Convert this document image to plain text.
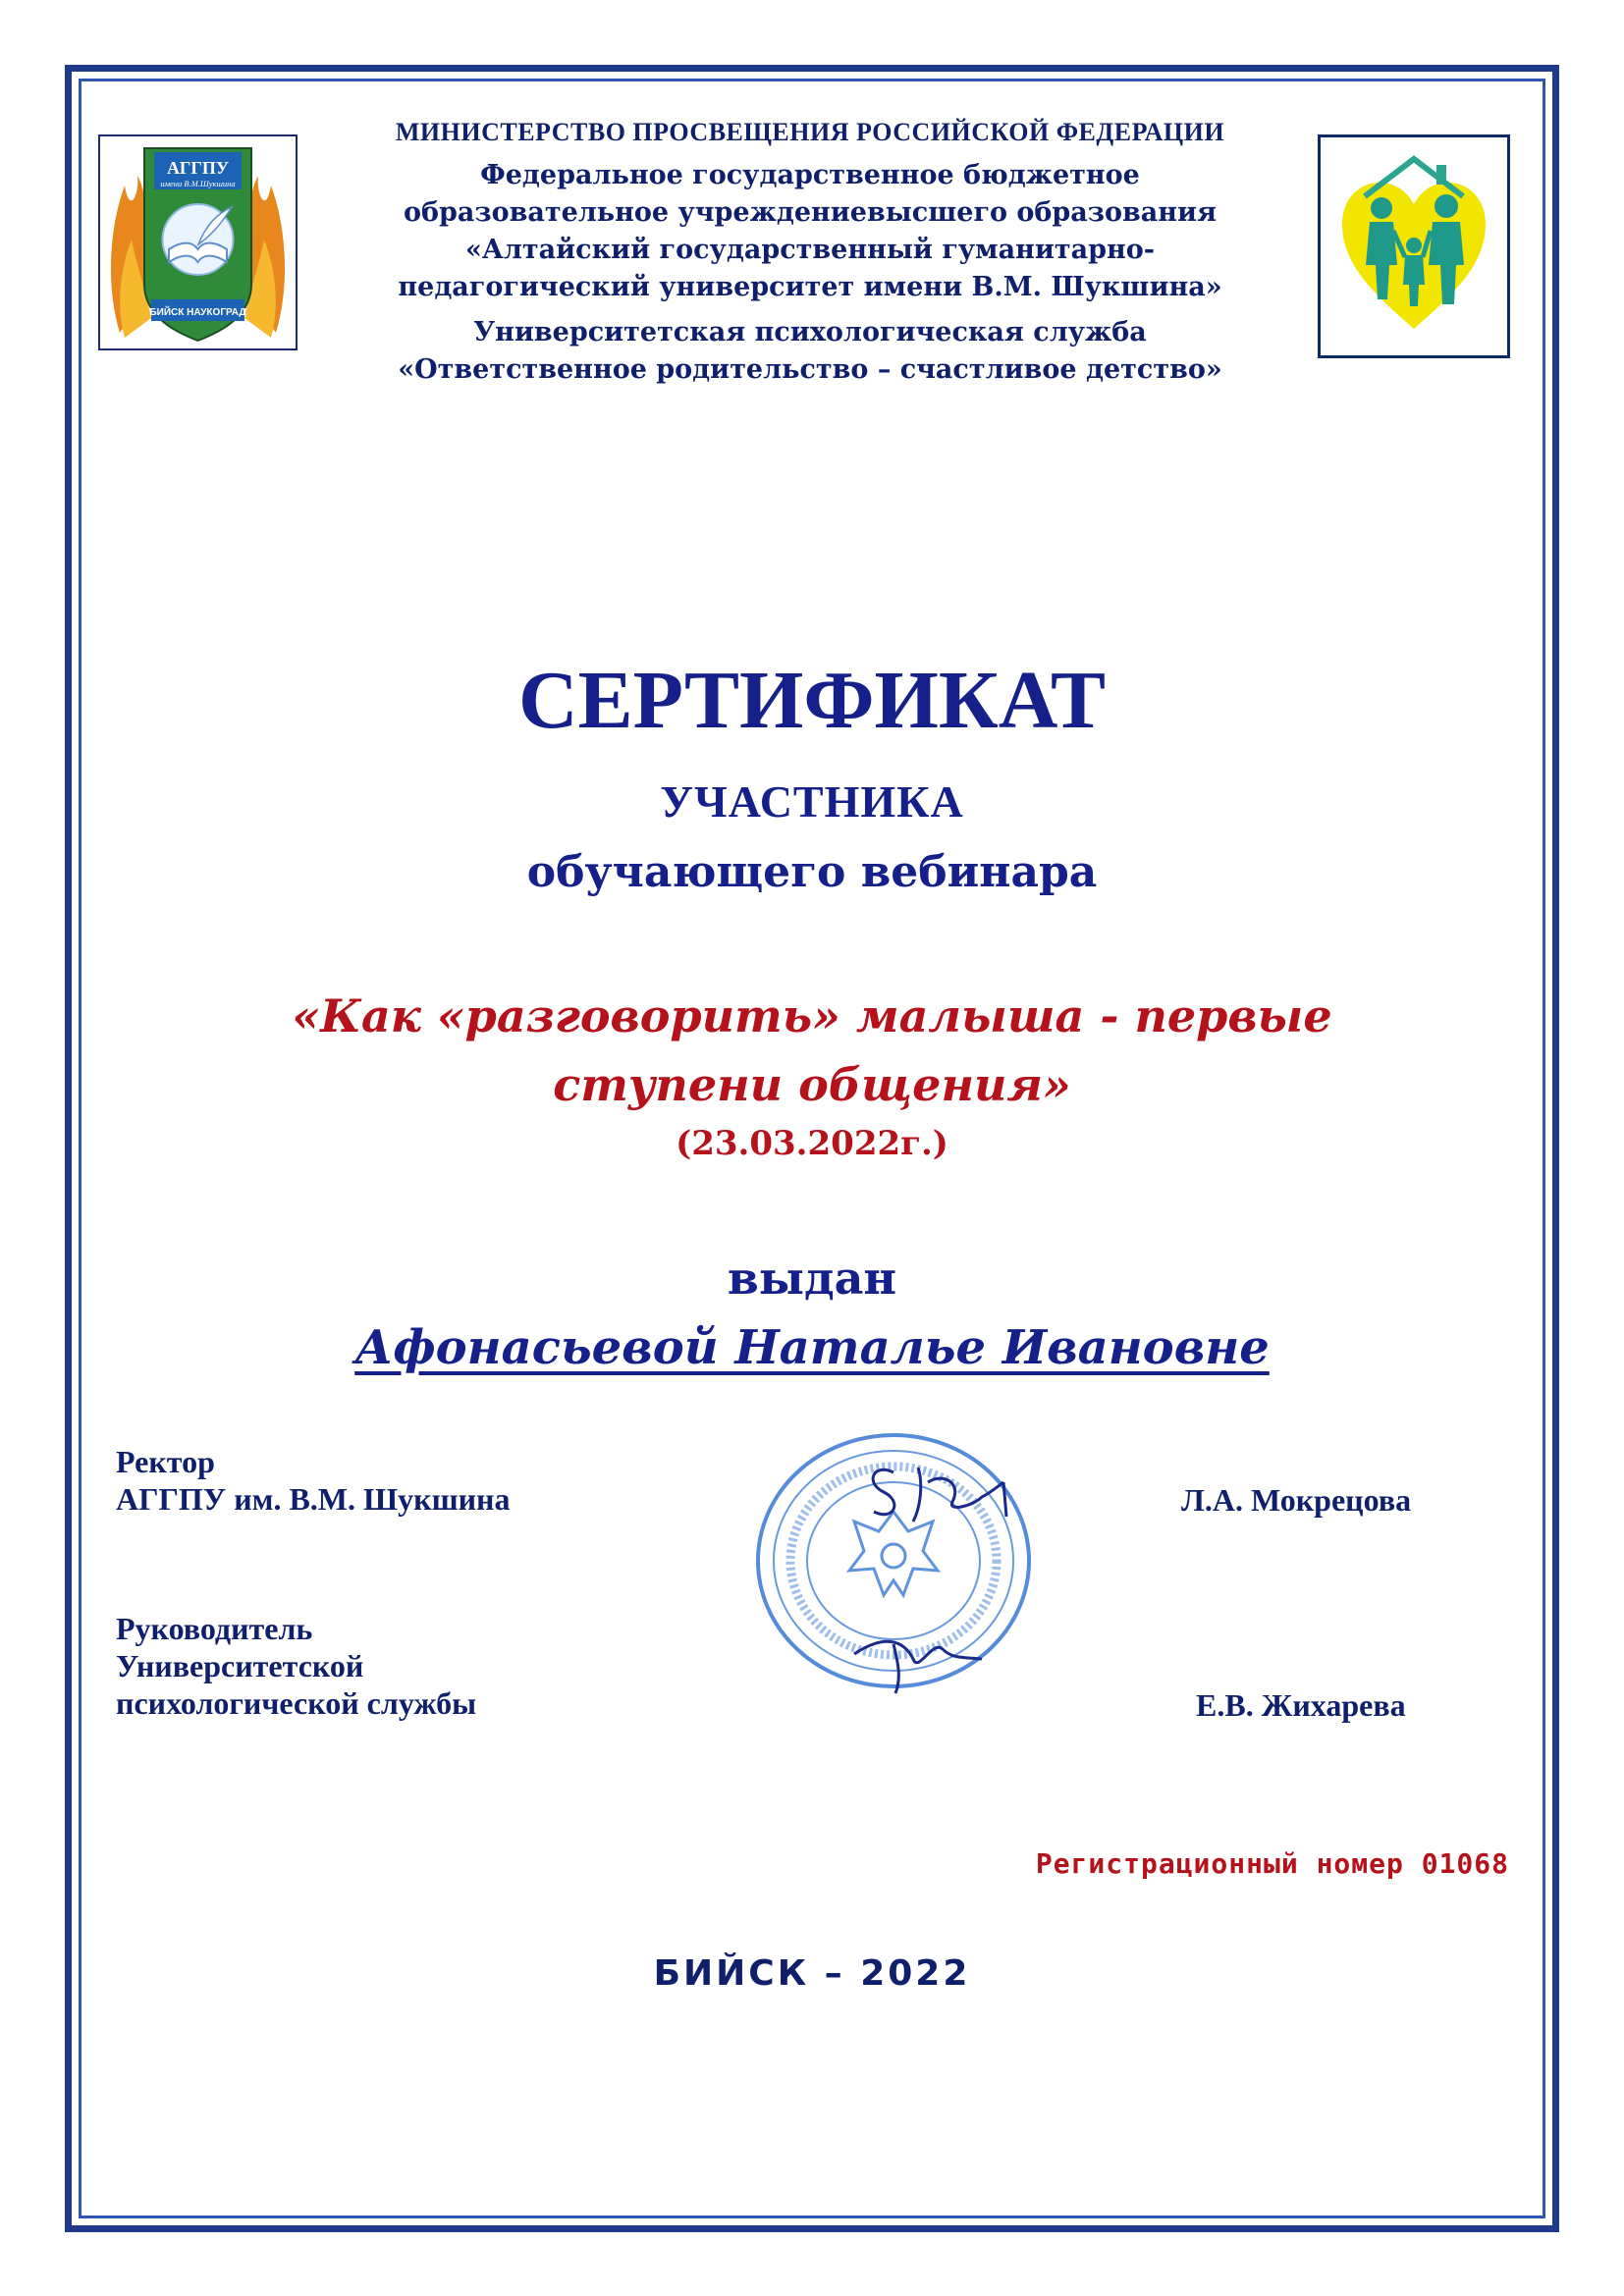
АГГПУ
имени В.М.Шукшина
БИЙСК НАУКОГРАД
МИНИСТЕРСТВО ПРОСВЕЩЕНИЯ РОССИЙСКОЙ ФЕДЕРАЦИИ
Федеральное государственное бюджетное
образовательное учреждениевысшего образования
«Алтайский государственный гуманитарно-
педагогический университет имени В.М. Шукшина»
Университетская психологическая служба
«Ответственное родительство – счастливое детство»
СЕРТИФИКАТ
УЧАСТНИКА
обучающего вебинара
«Как «разговорить» малыша - первые
ступени общения»
(23.03.2022г.)
выдан
Афонасьевой Наталье Ивановне
Ректор
АГГПУ им. В.М. Шукшина	Л.А. Мокрецова
Руководитель
Университетской
психологической службы	Е.В. Жихарева
Регистрационный номер 01068
БИЙСК – 2022
